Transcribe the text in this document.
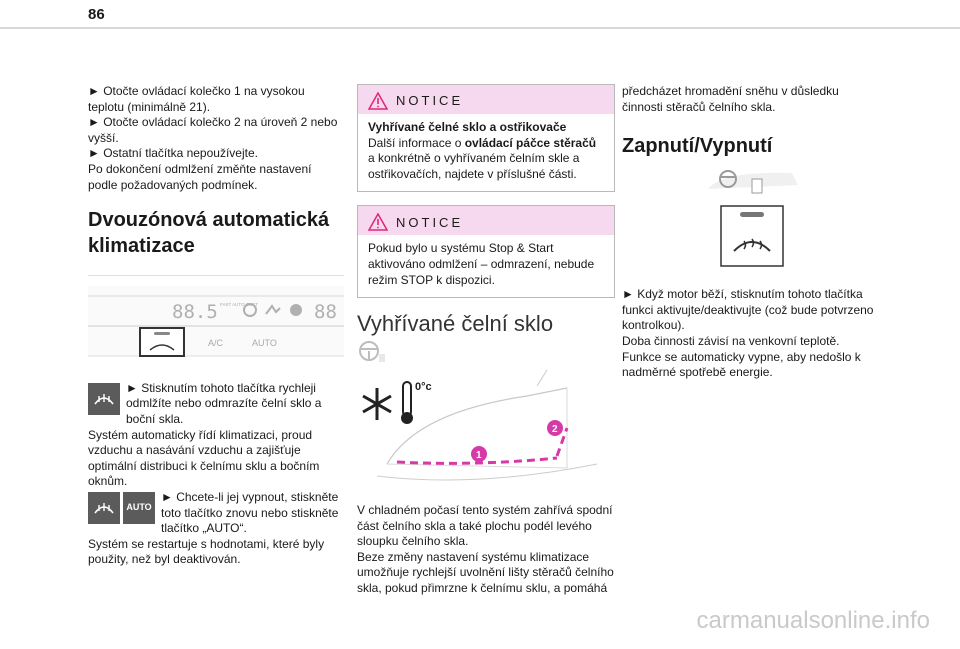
86

► Otočte ovládací kolečko 1 na vysokou teplotu (minimálně 21).

► Otočte ovládací kolečko 2 na úroveň 2 nebo vyšší.

► Ostatní tlačítka nepoužívejte.

Po dokončení odmlžení změňte nastavení podle požadovaných podmínek.

Dvouzónová automatická klimatizace
88.5 FAST AUTO SOFT	88
A/C	AUTO

► Stisknutím tohoto tlačítka rychleji odmlžíte nebo odmrazíte čelní sklo a boční skla.

Systém automaticky řídí klimatizaci, proud vzduchu a nasávání vzduchu a zajišťuje optimální distribuci k čelnímu sklu a bočním oknům.

AUTO

► Chcete-li jej vypnout, stiskněte toto tlačítko znovu nebo stiskněte tlačítko „AUTO“.

Systém se restartuje s hodnotami, které byly použity, než byl deaktivován.

NOTICE

Vyhřívané čelné sklo a ostřikovače

Další informace o ovládací páčce stěračů a konkrétně o vyhřívaném čelním skle a ostřikovačích, najdete v příslušné části.

NOTICE

Pokud bylo u systému Stop & Start aktivováno odmlžení – odmrazení, nebude režim STOP k dispozici.

Vyhřívané čelní sklo

0°c
1
2

V chladném počasí tento systém zahřívá spodní část čelního skla a také plochu podél levého sloupku čelního skla.

Beze změny nastavení systému klimatizace umožňuje rychlejší uvolnění lišty stěračů čelního skla, pokud přimrzne k čelnímu sklu, a pomáhá

předcházet hromadění sněhu v důsledku činnosti stěračů čelního skla.

Zapnutí/Vypnutí

► Když motor běží, stisknutím tohoto tlačítka funkci aktivujte/deaktivujte (což bude potvrzeno kontrolkou).

Doba činnosti závisí na venkovní teplotě.

Funkce se automaticky vypne, aby nedošlo k nadměrné spotřebě energie.

carmanualsonline.info
